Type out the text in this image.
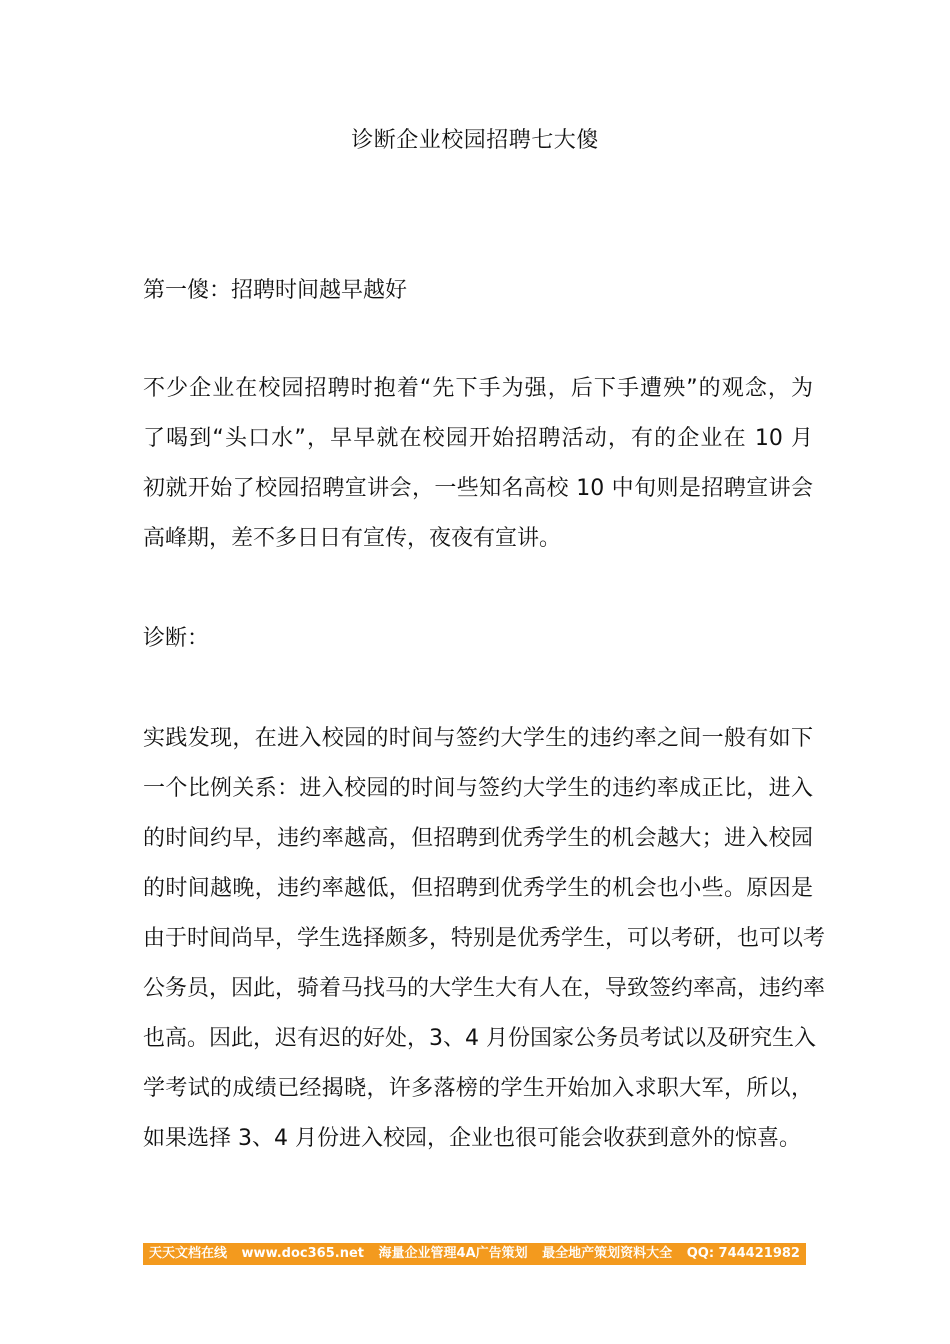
诊断企业校园招聘七大傻
第一傻：招聘时间越早越好

不少企业在校园招聘时抱着“先下手为强，后下手遭殃”的观念，为
了喝到“头口水”，早早就在校园开始招聘活动，有的企业在 10 月
初就开始了校园招聘宣讲会，一些知名高校 10 中旬则是招聘宣讲会
高峰期，差不多日日有宣传，夜夜有宣讲。

诊断：

实践发现，在进入校园的时间与签约大学生的违约率之间一般有如下
一个比例关系：进入校园的时间与签约大学生的违约率成正比，进入
的时间约早，违约率越高，但招聘到优秀学生的机会越大；进入校园
的时间越晚，违约率越低，但招聘到优秀学生的机会也小些。原因是
由于时间尚早，学生选择颇多，特别是优秀学生，可以考研，也可以考
公务员，因此，骑着马找马的大学生大有人在，导致签约率高，违约率
也高。因此，迟有迟的好处，3、4 月份国家公务员考试以及研究生入
学考试的成绩已经揭晓，许多落榜的学生开始加入求职大军，所以，
如果选择 3、4 月份进入校园，企业也很可能会收获到意外的惊喜。

天天文档在线 www.doc365.net 海量企业管理4A广告策划 最全地产策划资料大全 QQ: 744421982
